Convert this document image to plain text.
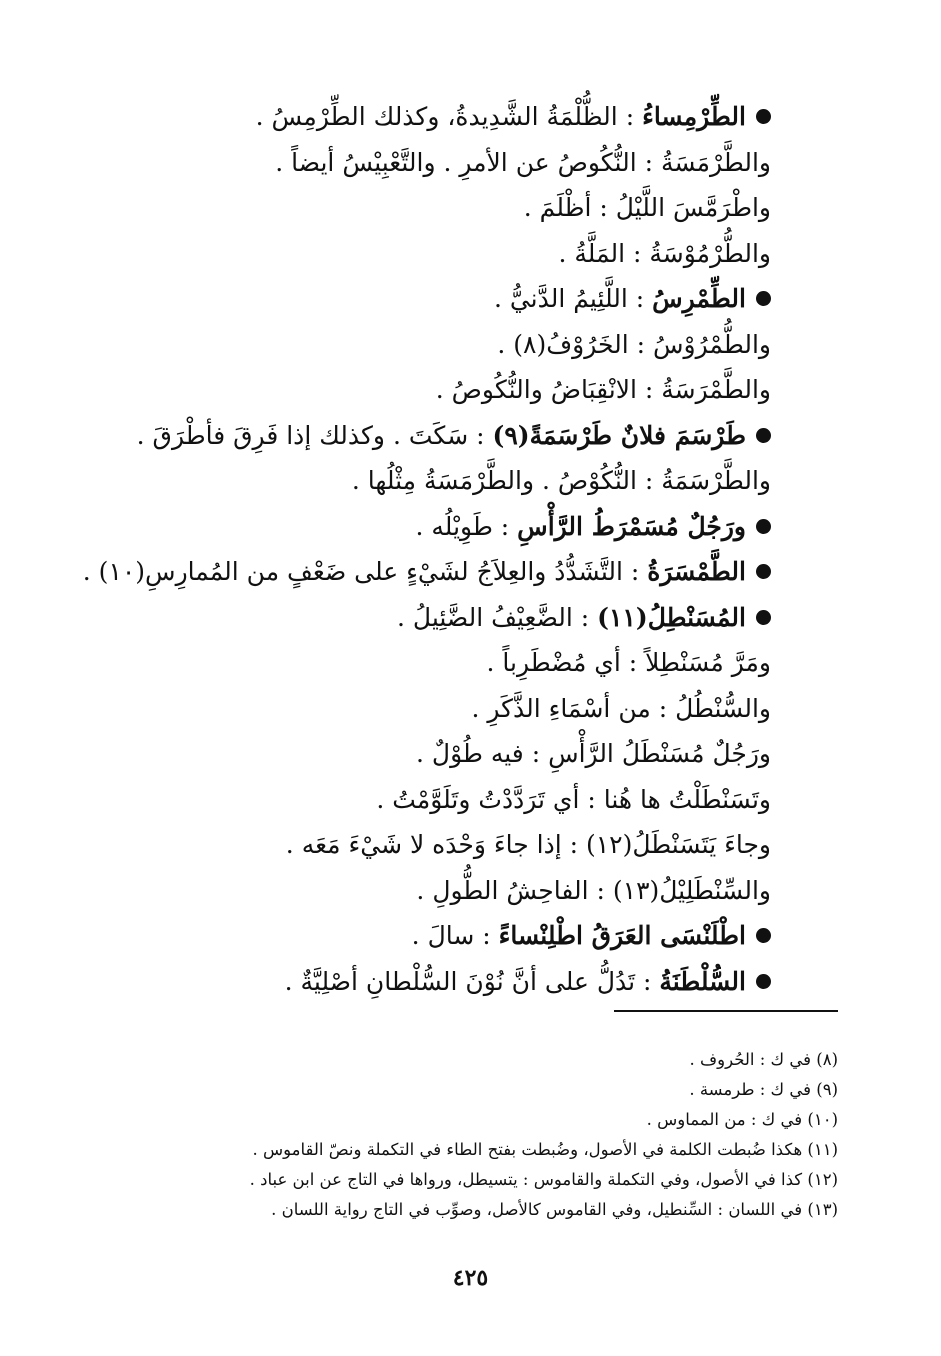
الطِّرْمِساءُ : الظُّلْمَةُ الشَّدِيدةُ، وكذلك الطِّرْمِسُ .
والطَّرْمَسَةُ : النُّكُوصُ عن الأمرِ . والتَّعْبِيْسُ أيضاً .
واطْرَمَّسَ اللَّيْلُ : أظْلَمَ .
والطُّرْمُوْسَةُ : المَلَّةُ .
الطِّمْرِسُ : اللَّئِيمُ الدَّنيُّ .
والطُّمْرُوْسُ : الخَرُوْفُ(٨) .
والطَّمْرَسَةُ : الانْقِبَاضُ والنُّكُوصُ .
طَرْسَمَ فلانٌ طَرْسَمَةً(٩) : سَكَتَ . وكذلك إذا فَرِقَ فأطْرَقَ .
والطَّرْسَمَةُ : النُّكُوْصُ . والطَّرْمَسَةُ مِثْلُها .
ورَجُلٌ مُسَمْرَطُ الرَّأْسِ : طَوِيْلُه .
الطَّمْسَرَةُ : التَّشَدُّدُ والعِلاَجُ لشَيْءٍ على ضَعْفٍ من المُمارِسِ(١٠) .
المُسَنْطِلُ(١١) : الضَّعِيْفُ الضَّئِيلُ .
ومَرَّ مُسَنْطِلاً : أي مُضْطَرِباً .
والسُّنْطُلُ : من أسْمَاءِ الذَّكَرِ .
ورَجُلٌ مُسَنْطَلُ الرَّأْسِ : فيه طُوْلٌ .
وتَسَنْطَلْتُ ها هُنا : أي تَرَدَّدْتُ وتَلَوَّمْتُ .
وجاءَ يَتَسَنْطَلُ(١٢) : إذا جاءَ وَحْدَه لا شَيْءَ مَعَه .
والسِّنْطَلِيْلُ(١٣) : الفاحِشُ الطُّولِ .
اطْلَنْسَى العَرَقُ اطْلِنْساءً : سالَ .
السُّلْطَنَةُ : تَدُلُّ على أنَّ نُوْنَ السُّلْطانِ أصْلِيَّةٌ .
(٨) في ك : الحُروف .
(٩) في ك : طرمسة .
(١٠) في ك : من المماوس .
(١١) هكذا ضُبطت الكلمة في الأصول، وضُبطت بفتح الطاء في التكملة ونصّ القاموس .
(١٢) كذا في الأصول، وفي التكملة والقاموس : يتسيطل، ورواها في التاج عن ابن عباد .
(١٣) في اللسان : السِّنطيل، وفي القاموس كالأصل، وصوِّب في التاج رواية اللسان .
٤٢٥
